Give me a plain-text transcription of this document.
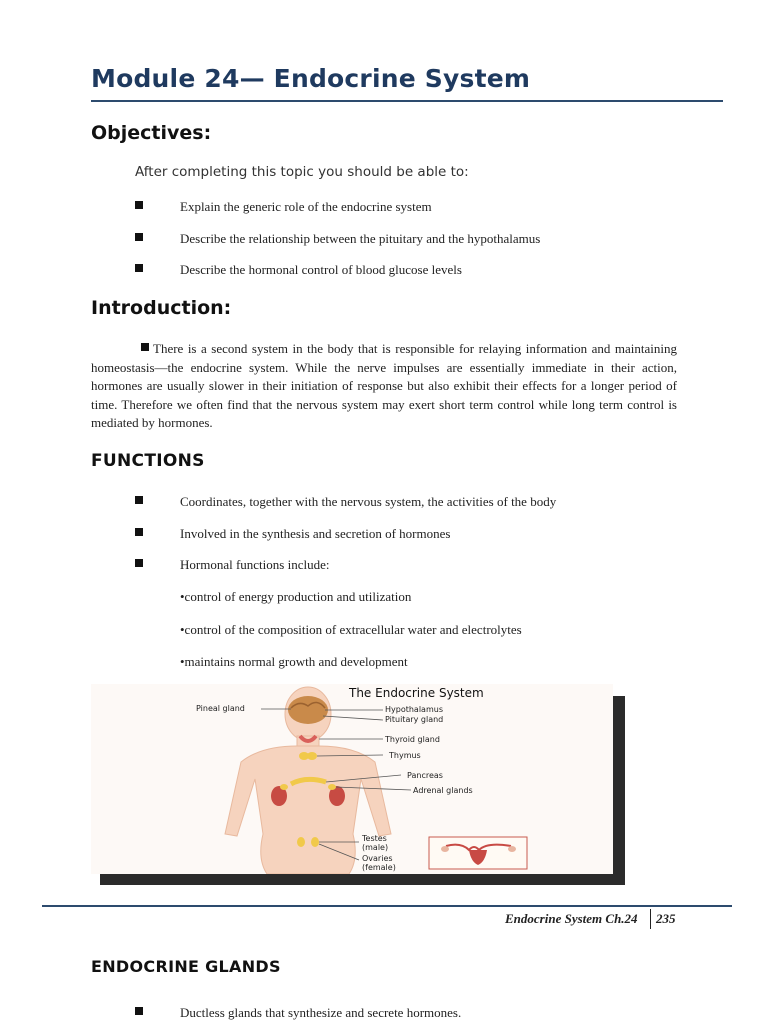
Module 24— Endocrine System
Objectives:
After completing this topic you should be able to:
Explain the generic role of the endocrine system
Describe the relationship between the pituitary and the hypothalamus
Describe the hormonal control of blood glucose levels
Introduction:
There is a second system in the body that is responsible for relaying information and maintaining homeostasis—the endocrine system. While the nerve impulses are essentially immediate in their action, hormones are usually slower in their initiation of response but also exhibit their effects for a longer period of time. Therefore we often find that the nervous system may exert short term control while long term control is mediated by hormones.
FUNCTIONS
Coordinates, together with the nervous system, the activities of the body
Involved in the synthesis and secretion of hormones
Hormonal functions include:
•control of energy production and utilization
•control of the composition of extracellular water and electrolytes
•maintains normal growth and development
The Endocrine System
Pineal gland	Hypothalamus
Pituitary gland
Thyroid gland
Thymus
Pancreas
Adrenal glands
Testes
(male)
Ovaries
(female)
Endocrine System Ch.24 235
ENDOCRINE GLANDS
Ductless glands that synthesize and secrete hormones.
